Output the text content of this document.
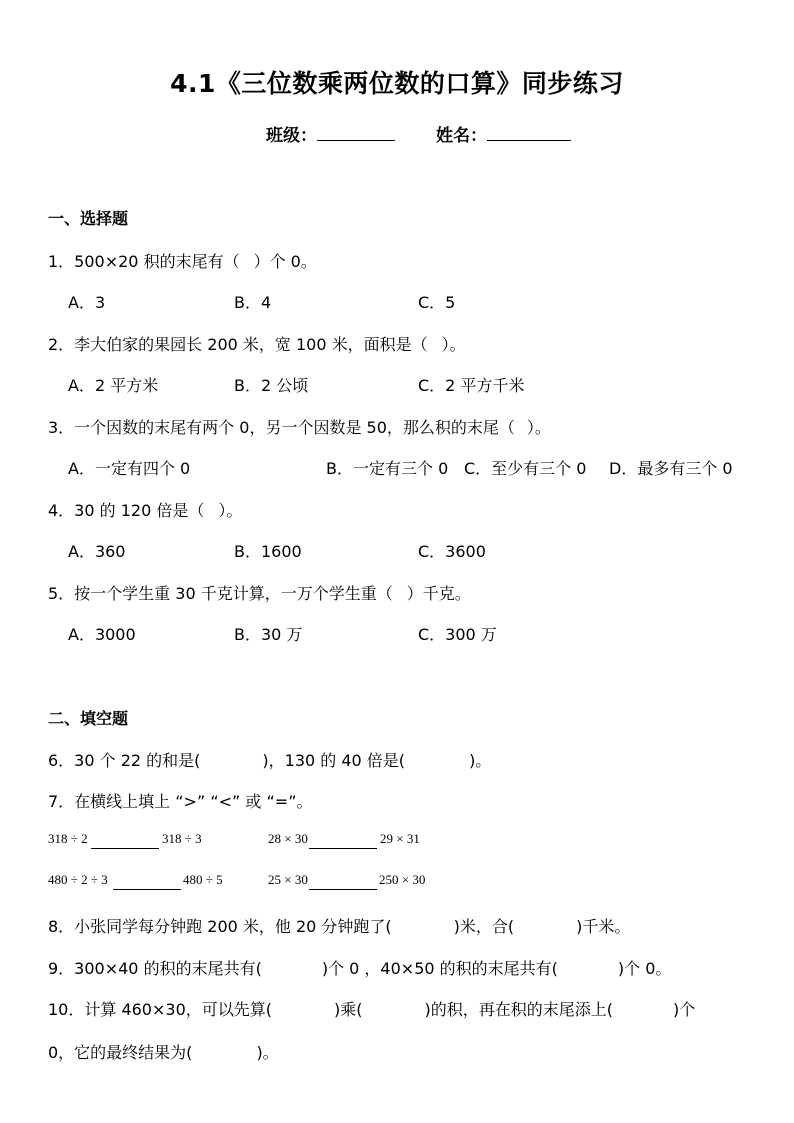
4.1《三位数乘两位数的口算》同步练习
班级：	姓名：
一、选择题
1．500×20 积的末尾有（ ）个 0。
A．3	B．4	C．5
2．李大伯家的果园长 200 米，宽 100 米，面积是（ ）。
A．2 平方米	B．2 公顷	C．2 平方千米
3．一个因数的末尾有两个 0，另一个因数是 50，那么积的末尾（ ）。
A．一定有四个 0	B．一定有三个 0 C．至少有三个 0 D．最多有三个 0
4．30 的 120 倍是（ ）。
A．360	B．1600	C．3600
5．按一个学生重 30 千克计算，一万个学生重（ ）千克。
A．3000	B．30 万	C．300 万
二、填空题
6．30 个 22 的和是(	)，130 的 40 倍是(	)。
7．在横线上填上 “>” “<” 或 “=”。
318 ÷ 2	318 ÷ 3	28 × 30	29 × 31
480 ÷ 2 ÷ 3	480 ÷ 5	25 × 30	250 × 30
8．小张同学每分钟跑 200 米，他 20 分钟跑了(	)米，合(	)千米。
9．300×40 的积的末尾共有(	)个 0 ，40×50 的积的末尾共有(	)个 0。
10．计算 460×30，可以先算(	)乘(	)的积，再在积的末尾添上(	)个
0，它的最终结果为(	)。
